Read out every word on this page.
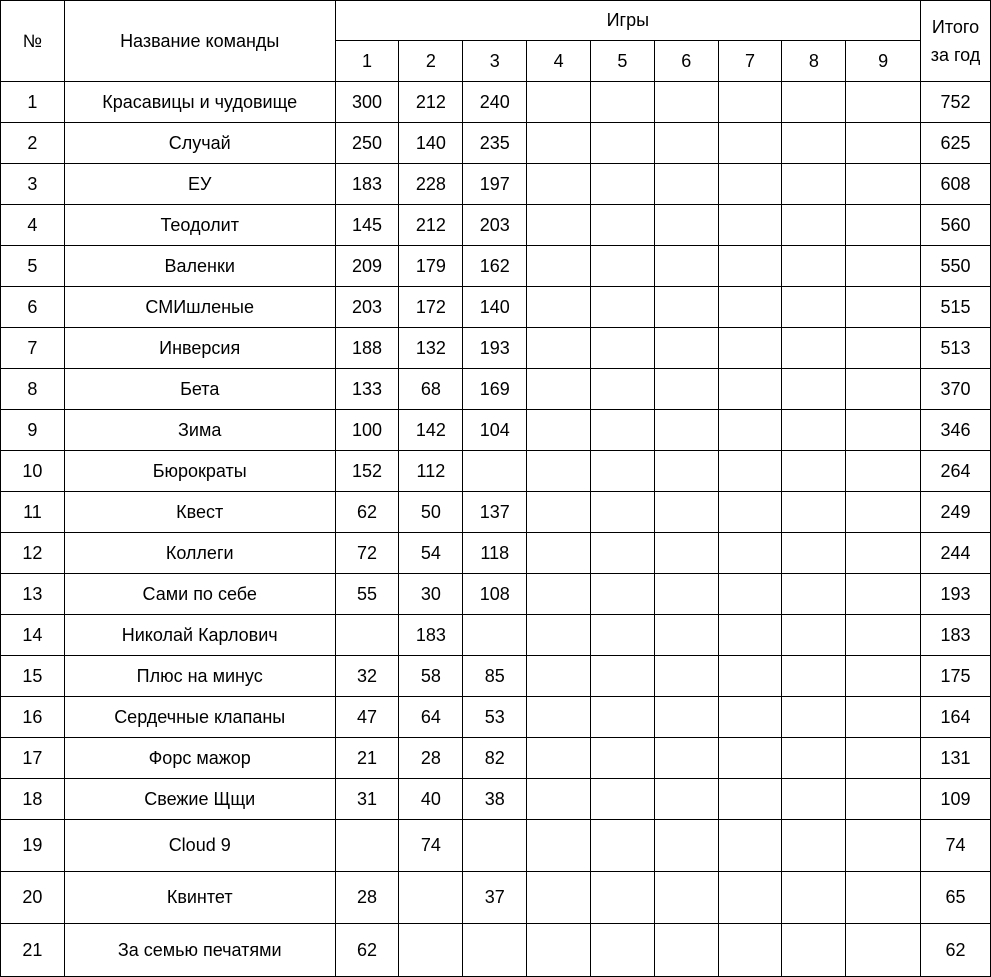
№	Название команды	Игры									Итого
за год

		1	2	3	4	5	6	7	8	9	
1	Красавицы и чудовище	300	212	240							752
2	Случай	250	140	235							625
3	ЕУ	183	228	197							608
4	Теодолит	145	212	203							560
5	Валенки	209	179	162							550
6	СМИшленые	203	172	140							515
7	Инверсия	188	132	193							513
8	Бета	133	68	169							370
9	Зима	100	142	104							346
10	Бюрократы	152	112								264
11	Квест	62	50	137							249
12	Коллеги	72	54	118							244
13	Сами по себе	55	30	108							193
14	Николай Карлович		183								183
15	Плюс на минус	32	58	85							175
16	Сердечные клапаны	47	64	53							164
17	Форс мажор	21	28	82							131
18	Свежие Щщи	31	40	38							109
19	Cloud 9		74								74
20	Квинтет	28		37							65
21	За семью печатями	62									62
